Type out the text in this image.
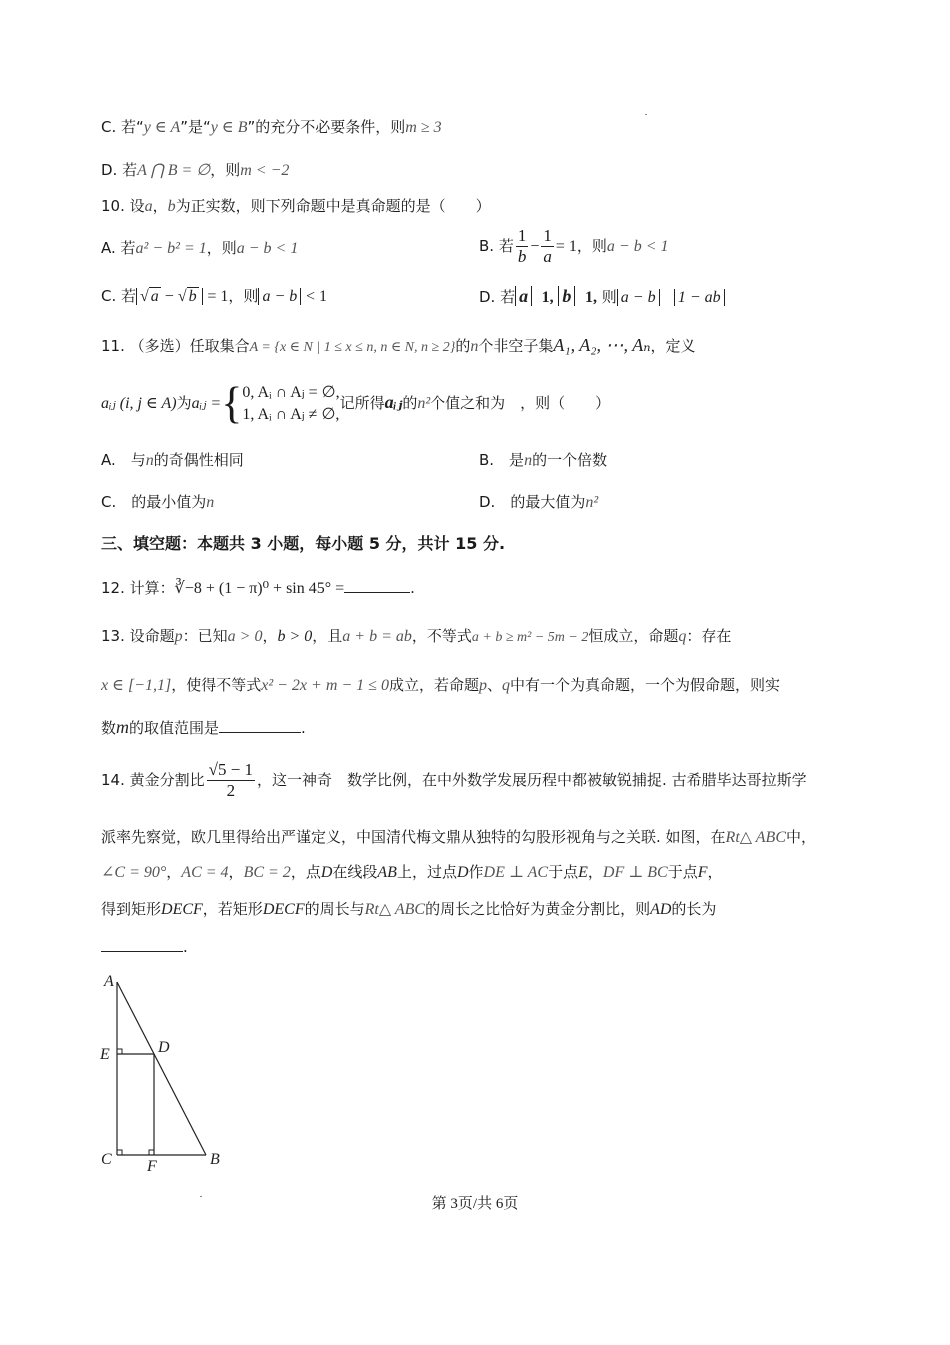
C. 若“y ∈ A”是“y ∈ B”的充分不必要条件，则m ≥ 3
D. 若A ⋂ B = ∅，则m < −2
10. 设a，b为正实数，则下列命题中是真命题的是（　　）
A. 若a² − b² = 1，则a − b < 1	B. 若 $\frac{1}{b} - \frac{1}{a} = 1$，则a − b < 1
C. 若 √ a − √ b = 1，则 a − b < 1	D. 若 a 1, b 1, 则 a − b 1 − ab
11. （多选）任取集合A = {x ∈ N | 1 ≤ x ≤ n, n ∈ N, n ≥ 2}的n个非空子集A₁, A₂, ⋯, Aₙ，定义
aᵢⱼ (i, j ∈ A)为aᵢⱼ ={ 0, Aᵢ ∩ Aⱼ = ∅,
1, Aᵢ ∩ Aⱼ ≠ ∅,
记所得aᵢⱼ的n²个值之和为　，则（　　）
A.　与n的奇偶性相同	B.　是n的一个倍数
C.　的最小值为n	D.　的最大值为n²
三、填空题：本题共 3 小题，每小题 5 分，共计 15 分.
12. 计算：∛−8 + (1 − π)⁰ + sin 45° =	.
13. 设命题p：已知a > 0，b > 0，且a + b = ab，不等式a + b ≥ m² − 5m − 2恒成立，命题q：存在
x ∈ [−1,1]，使得不等式x² − 2x + m − 1 ≤ 0成立，若命题p、q中有一个为真命题，一个为假命题，则实
数m的取值范围是	.
14. 黄金分割比 $\frac{√5 - 1}{2}$ ，这一神奇　数学比例，在中外数学发展历程中都被敏锐捕捉. 古希腊毕达哥拉斯学
派率先察觉，欧几里得给出严谨定义，中国清代梅文鼎从独特的勾股形视角与之关联. 如图，在Rt△ ABC中，
∠C = 90°，AC = 4，BC = 2，点D在线段AB上，过点D作DE ⊥ AC于点E，DF ⊥ BC于点F，
得到矩形DECF，若矩形DECF的周长与Rt△ ABC的周长之比恰好为黄金分割比，则AD的长为
.
A
B
C
D
E
F
第 3页/共 6页
